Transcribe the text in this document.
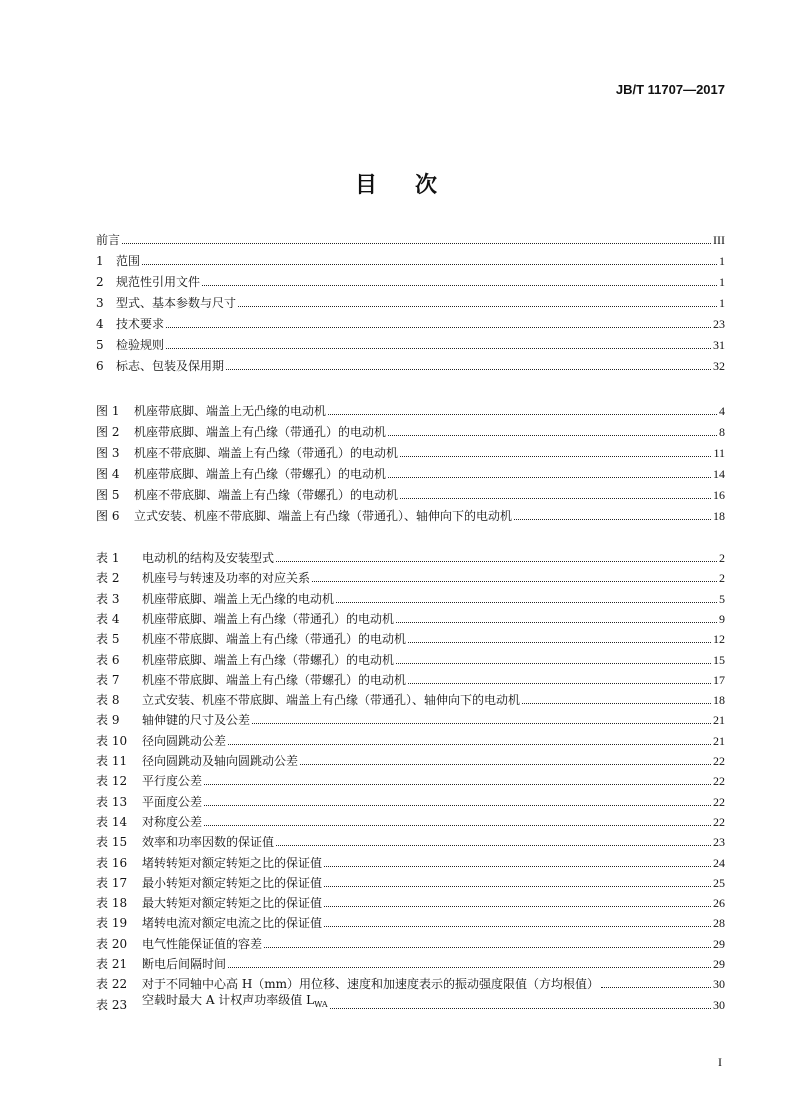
JB/T 11707—2017
目次
前言	III
1	范围	1
2	规范性引用文件	1
3	型式、基本参数与尺寸	1
4	技术要求	23
5	检验规则	31
6	标志、包装及保用期	32
图 1	机座带底脚、端盖上无凸缘的电动机	4
图 2	机座带底脚、端盖上有凸缘（带通孔）的电动机	8
图 3	机座不带底脚、端盖上有凸缘（带通孔）的电动机	11
图 4	机座带底脚、端盖上有凸缘（带螺孔）的电动机	14
图 5	机座不带底脚、端盖上有凸缘（带螺孔）的电动机	16
图 6	立式安装、机座不带底脚、端盖上有凸缘（带通孔）、轴伸向下的电动机	18
表 1	电动机的结构及安装型式	2
表 2	机座号与转速及功率的对应关系	2
表 3	机座带底脚、端盖上无凸缘的电动机	5
表 4	机座带底脚、端盖上有凸缘（带通孔）的电动机	9
表 5	机座不带底脚、端盖上有凸缘（带通孔）的电动机	12
表 6	机座带底脚、端盖上有凸缘（带螺孔）的电动机	15
表 7	机座不带底脚、端盖上有凸缘（带螺孔）的电动机	17
表 8	立式安装、机座不带底脚、端盖上有凸缘（带通孔）、轴伸向下的电动机	18
表 9	轴伸键的尺寸及公差	21
表 10	径向圆跳动公差	21
表 11	径向圆跳动及轴向圆跳动公差	22
表 12	平行度公差	22
表 13	平面度公差	22
表 14	对称度公差	22
表 15	效率和功率因数的保证值	23
表 16	堵转转矩对额定转矩之比的保证值	24
表 17	最小转矩对额定转矩之比的保证值	25
表 18	最大转矩对额定转矩之比的保证值	26
表 19	堵转电流对额定电流之比的保证值	28
表 20	电气性能保证值的容差	29
表 21	断电后间隔时间	29
表 22	对于不同轴中心高 H（mm）用位移、速度和加速度表示的振动强度限值（方均根值）	30
表 23	空载时最大 A 计权声功率级值 $L_{WA}$	30
I
